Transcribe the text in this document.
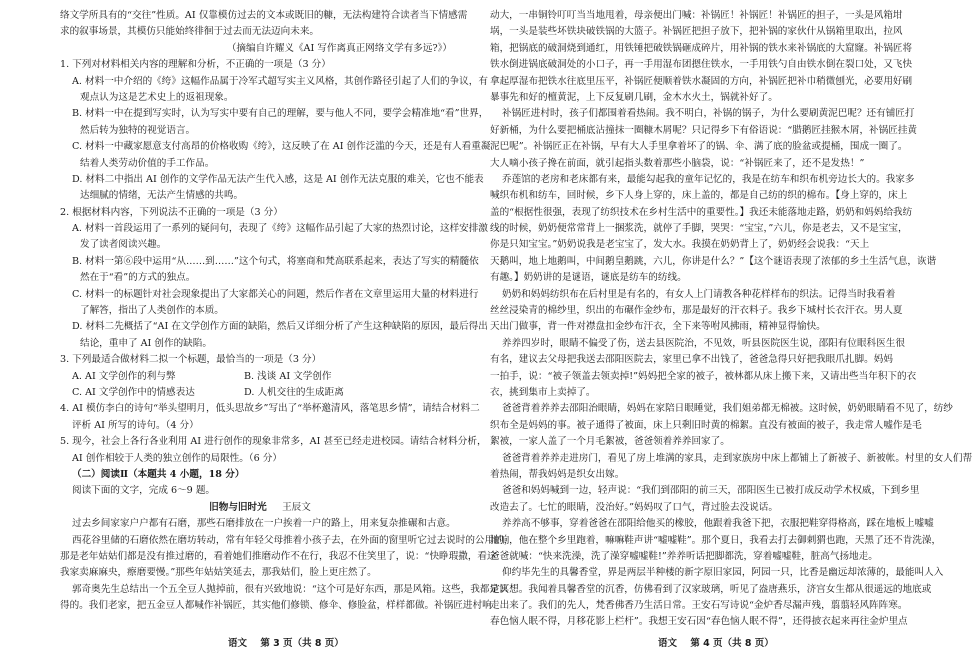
络文学所具有的“交往”性质。AI 仅靠模仿过去的文本或既旧的糠，无法构建符合读者当下情感需
求的叙事场景，其模仿只能始终徘徊于过去而无法迈向未来。
（摘编自许耀义《AI 写作离真正网络文学有多远?》）
1. 下列对材料相关内容的理解和分析，不正确的一项是（3 分）
A. 材料一中介绍的《绔》这幅作品属于冷军式超写实主义风格，其创作路径引起了人们的争议，有
观点认为这是艺术史上的返祖现象。
B. 材料一中在提到写实时，认为写实中要有自己的理解，要与他人不同，要学会精准地“看”世界，
然后转为独特的视觉语言。
C. 材料一中藏家愿意支付高昂的价格收购《绔》，这反映了在 AI 创作泛滥的今天，还是有人看重凝
结着人类劳动价值的手工作品。
D. 材料二中指出 AI 创作的文学作品无法产生代入感，这是 AI 创作无法克服的难关，它也不能表
达细腻的情绪，无法产生情感的共鸣。
2. 根据材料内容，下列说法不正确的一项是（3 分）
A. 材料一首段运用了一系列的疑问句，表现了《绔》这幅作品引起了大家的热烈讨论，这样安排激
发了读者阅读兴趣。
B. 材料一第⑥段中运用“从……到……”这个句式，将塞商和梵高联系起来，表达了写实的精髓依
然在于“看”的方式的独点。
C. 材料一的标题针对社会现象提出了大家都关心的问题，然后作者在文章里运用大量的材料进行
了解答，指出了人类创作的本质。
D. 材料二先概括了“AI 在文学创作方面的缺陷，然后又详细分析了产生这种缺陷的原因，最后得出
结论，重申了 AI 创作的缺陷。
3. 下列最适合做材料二拟一个标题，最恰当的一项是（3 分）
A. AI 文学创作的利与弊	B. 浅谈 AI 文学创作
C. AI 文学创作中的情感表达	D. 人机交往的生成距离
4. AI 模仿李白的诗句“举头望明月，低头思故乡”写出了“举杯邀清风，落笔思乡情”，请结合材料二
评析 AI 所写的诗句。（4 分）
5. 现今，社会上各行各业利用 AI 进行创作的现象非常多，AI 甚至已经走进校园。请结合材料分析，
AI 创作相较于人类的独立创作的局限性。（6 分）
（二）阅读Ⅱ（本题共 4 小题，18 分）
阅读下面的文字，完成 6～9 题。
旧物与旧时光 王辰文
过去乡间家家户户都有石磨，那些石磨排放在一户挨着一户的路上，用来复杂推碾和古意。
西花谷里储的石磨依然在磨坊转动，常有年轻父母推着小孩子去，在外面的窗里听它过去说时的公用的，
那是老年姑姑们都是没有推过磨的，看着她们推磨动作不在行，我忍不住笑里了，说：“快睁瑕撒，看这
我家卖麻麻央，瘵磨要慢。”那些年姑姑笑延去，那我姑们，脸上更庄然了。
郭奇奥先生总结出一个五全豆人抛掉前，很有兴致地说：“这个可是好东西，那是风箱。这些，我都是认
得的。我们老家，把五金豆人都喊作补锅匠，其实他们修锁、修伞、修脸盆，样样都做。补锅匠进村响
动大，一串铜铃叮叮当当地甩着，母亲便出门喊：补锅匠！补锅匠！补锅匠的担子，一头是风箱坩
埚，一头是装些坏铁块破铁锅的大篮子。补锅匠把担子放下，把补锅的家伙什从锅箱里取出，拉风
箱，把锅底的破洞烧到通红，用铁锤把破铁锅砸成碎片，用补锅的铁水来补锅底的大窟窿。补锅匠将
铁水倒进锅底破洞处的小口子，再一手用湿布团摁住铁水，一手用铁勺自由铁水倒在裂口处，又飞快
拿起厚湿布把铁水往底里压平，补锅匠便顺着铁水凝固的方向，补锅匠把补巾稍微刨光，必要用好刷
暴事先和好的檀黄泥，上下反复刷几刷，金木水火土，锅就补好了。
补锅匠进村时，孩子们都围着看热闹。我不明白，补锅的锅子，为什么要刷黄泥巴呢？还有铺匠打
好新桶，为什么要把桶底沾撞抹一圈糠木屑呢？只记得乡下有俗语说：“腊鹅匠挂猴木屑，补锅匠挂黄
泥巴呢”。补锅匠正在补锅，早有大人手里拿着坏了的锅、伞、满了底的脸盆或提桶，围成一圈了。
大人嘀小孩子搀在前面，就引起指头数着那些小脑袋，说：“补锅匠来了，还不是发热！”
乔莲馆的老房和老床都有来，最能勾起我的童年记忆的，我是在纺车和织布机旁边长大的。我家多
喊织布机和纺车，回时候，乡下人身上穿的，床上盖的，都是自己纺的织的棉布。【身上穿的，床上
盖的“根据性很强，表现了纺织技术在乡村生活中的重要性。】我还未能落地走路，奶奶和妈妈给我纺
线的时候，奶奶便常常背上一捆浆洗，就停了手脚，哭哭：“宝宝，”六儿，你是老去，又不是宝宝，
你是只知宝宝。”奶奶说我是老宝宝了，发大水。我摸在奶奶背上了，奶奶经会说我：“天上
天鹅叫，地上地鹅叫，中间鹅皇鹅跳，六儿，你讲是什么？”【这个谜语表现了浓郁的乡土生活气息，诙谐
有趣。】奶奶讲的是谜语，谜底是纺车的纺线。
奶奶和妈妈纺织布在后村里是有名的，有女人上门请教各种花样样布的织法。记得当时我看着
丝丝浸染青的棉纱里，织出的布碾作金纱布，那是最好的汗衣料子。我乡下城村长衣汗衣。男人夏
天出门做事，背一件对襟盘扣金纱布汗衣，全下来等咐风拂雨，精神显得愉快。
养养四岁时，眼睛不偏受了伤，送去县医院治，不见效，听县医院医生说，邵阳有位眼科医生很
有名，建议去父母把我送去邵阳医院去，家里已拿不出钱了，爸爸急得只好把我眼爪扎脚。妈妈
一拍手，说：“被子领盖去领卖掉!”妈妈把全家的被子，被林都从床上搬下来，又请出些当年积下的衣
衣，挑到集市上卖掉了。
爸爸背着养养去邵阳治眼睛，妈妈在家陪日眼睡觉，我们姐弟都无棉被。这时候，奶奶眼睛看不见了，纺纱
织布全是妈妈的事。被子通得了被面，床上只剩旧时黄的棉絮。直没有被面的被子，我走常人嘘作是毛
絮被，一家人盖了一个月毛絮被，爸爸领着养养回家了。
爸爸背着养养走进房门，看见了房上堆满的家具，走到家族房中床上都铺上了新被子、新被帐。村里的女人们帮
着热闹，帮我妈妈是织女出嫁。
爸爸和妈妈喊到一边，轻声说：“我们到邵阳的前三天，邵阳医生已被打成反动学术权威，下到乡里
改造去了。七忙的眼睛，没治好。”妈妈叹了口气，背过脸去没说话。
养养高不够事，穿着爸爸在邵阳给他买的橡胶，他跟着我爸下把，衣服把鞋穿得格高，踩在地板上嘘嘘
地响，他在整个乡里跑着，嘛嘛鞋声讲“嘘嘘鞋”。那个夏日，我看去打去御刺猬也跑，天黑了还不肯洗澡，
爸爸就喊：“快来洗澡，洗了澡穿嘘嘘鞋!”养养听话把脚都洗，穿着嘘嘘鞋，脏高气扬地走。
仰约毕先生的具馨香堂，界是两层半种楼的新字原旧家园，阿园一只，比香是幽远却浓薄的，最能叫人入
定冥想。我闻着具馨香堂的沉香，仿佛看到了汉家玻璃，听见了盎唐燕乐，济宫女生都从很遥远的地底或
走出来了。我们的先人，梵香佛香乃生活日常。王安石写诗说“金炉香尽漏声残，翦翦轻风阵阵寒。
春色恼人眠不得，月移花影上栏杆”。我想王安石因“春色恼人眠不得”，还得披衣起来再往金炉里点
语文 第 3 页（共 8 页）	语文 第 4 页（共 8 页）
